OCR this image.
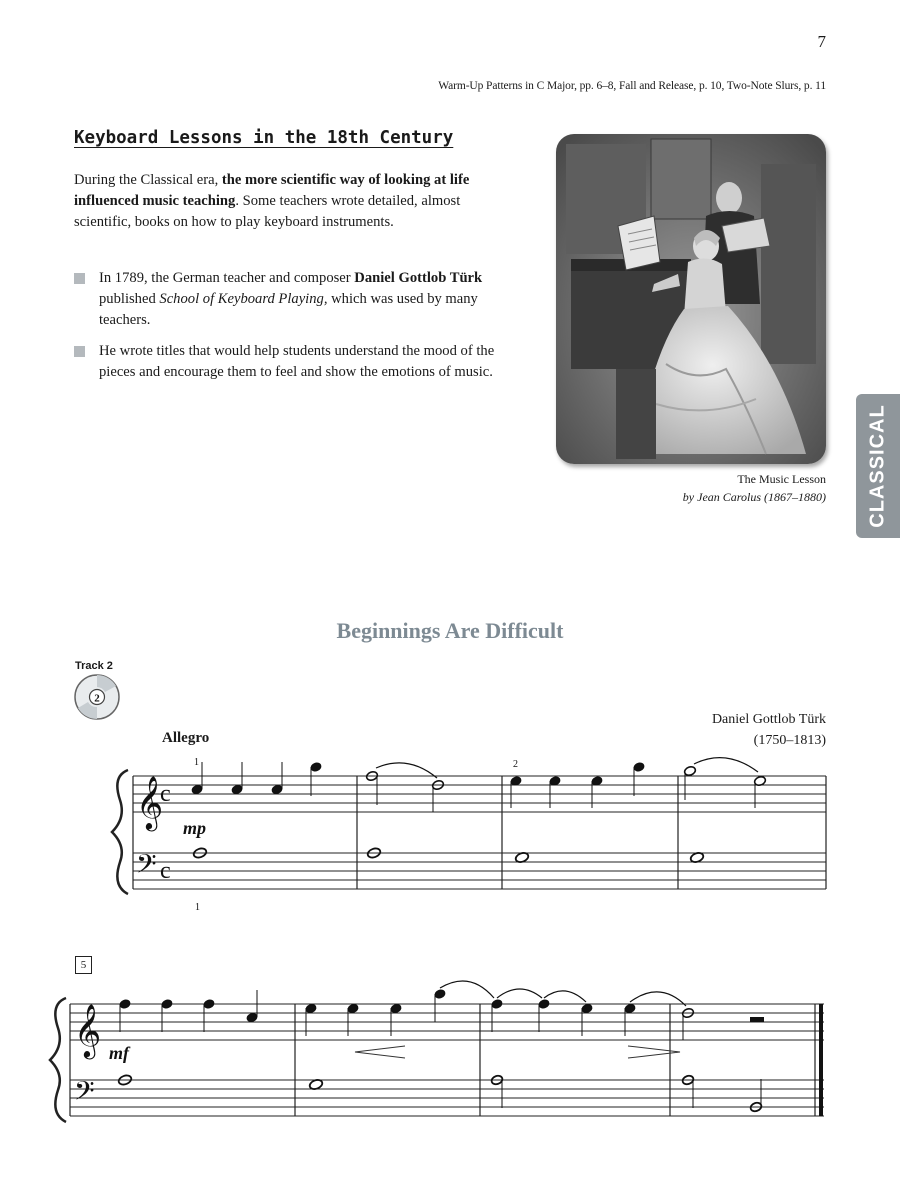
7
Warm-Up Patterns in C Major, pp. 6–8, Fall and Release, p. 10, Two-Note Slurs, p. 11
Keyboard Lessons in the 18th Century

During the Classical era, the more scientific way of looking at life influenced music teaching. Some teachers wrote detailed, almost scientific, books on how to play keyboard instruments.

In 1789, the German teacher and composer Daniel Gottlob Türk published School of Keyboard Playing, which was used by many teachers.
He wrote titles that would help students understand the mood of the pieces and encourage them to feel and show the emotions of music.
The Music Lesson
by Jean Carolus (1867–1880) CLASSICAL
Beginnings Are Difficult
Track 2
2
Daniel Gottlob Türk
(1750–1813)
Allegro
𝄞
𝄢
c
c
1	2
1
mp
5
𝄞
𝄢
mf
